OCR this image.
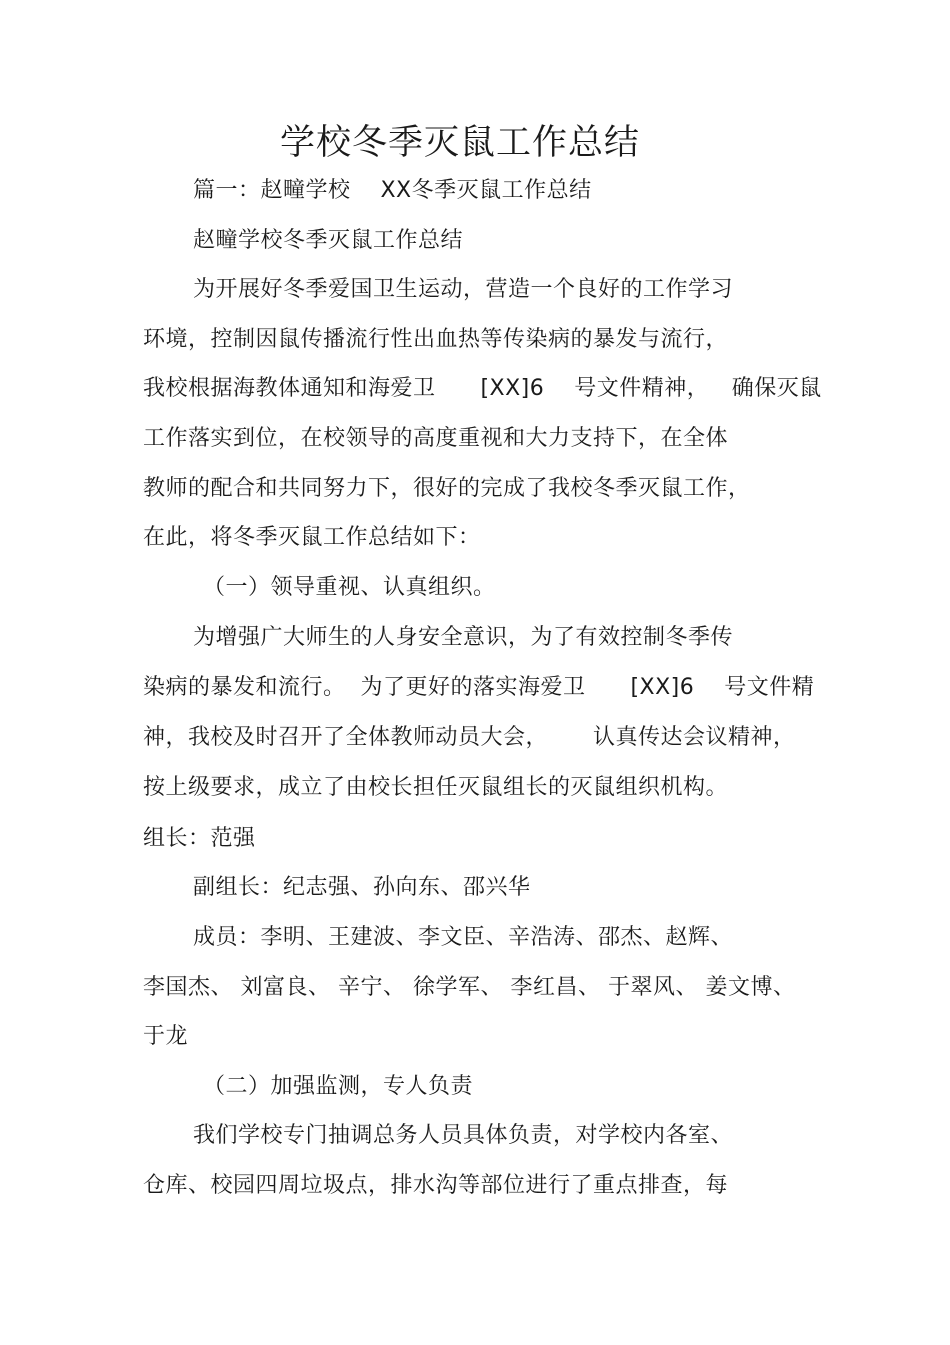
学校冬季灭鼠工作总结
篇一：赵疃学校    XX冬季灭鼠工作总结
赵疃学校冬季灭鼠工作总结
为开展好冬季爱国卫生运动，营造一个良好的工作学习
环境，控制因鼠传播流行性出血热等传染病的暴发与流行，
我校根据海教体通知和海爱卫      [XX]6    号文件精神，   确保灭鼠
工作落实到位，在校领导的高度重视和大力支持下，在全体
教师的配合和共同努力下，很好的完成了我校冬季灭鼠工作，
在此，将冬季灭鼠工作总结如下：
（一）领导重视、认真组织。
为增强广大师生的人身安全意识，为了有效控制冬季传
染病的暴发和流行。  为了更好的落实海爱卫      [XX]6    号文件精
神，我校及时召开了全体教师动员大会，      认真传达会议精神，
按上级要求，成立了由校长担任灭鼠组长的灭鼠组织机构。
组长：范强
副组长：纪志强、孙向东、邵兴华
成员：李明、王建波、李文臣、辛浩涛、邵杰、赵辉、
李国杰、 刘富良、 辛宁、 徐学军、 李红昌、 于翠风、 姜文博、
于龙
（二）加强监测，专人负责
我们学校专门抽调总务人员具体负责，对学校内各室、
仓库、校园四周垃圾点，排水沟等部位进行了重点排查，每
